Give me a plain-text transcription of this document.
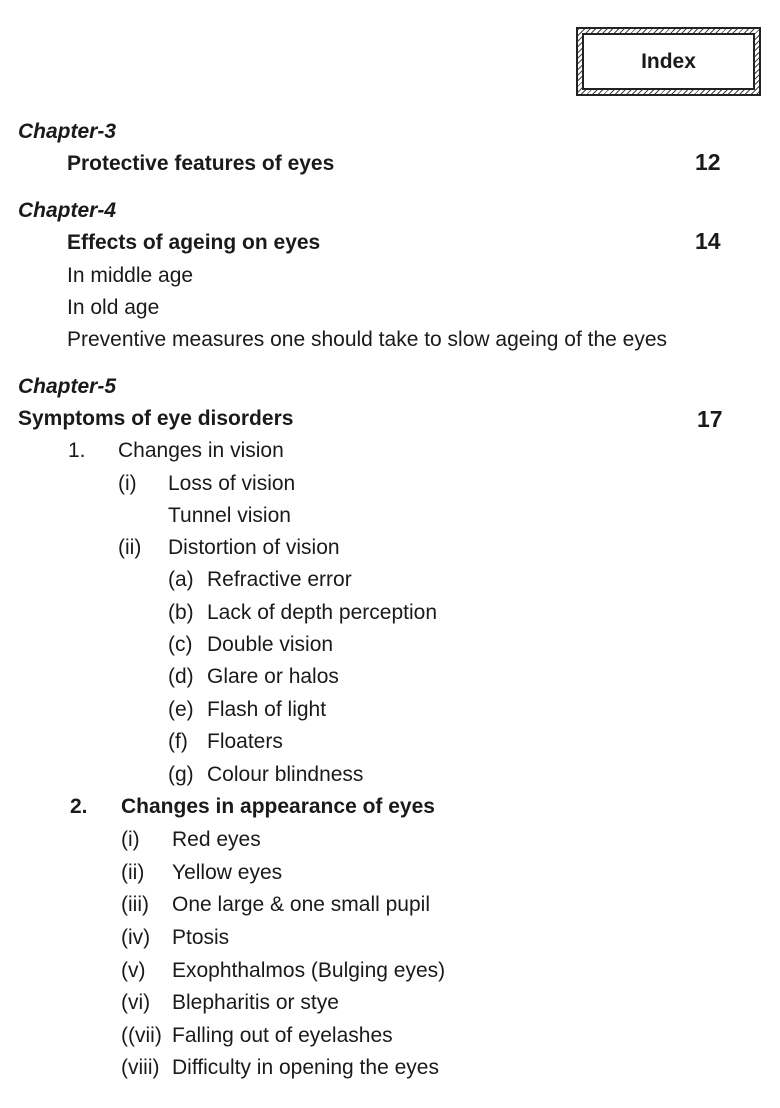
Index
Chapter-3
Protective features of eyes	12
Chapter-4
Effects of ageing on eyes	14
In middle age
In old age
Preventive measures one should take to slow ageing of the eyes
Chapter-5
Symptoms of eye disorders	17
1. Changes in vision
(i) Loss of vision
Tunnel vision
(ii) Distortion of vision
(a) Refractive error
(b) Lack of depth perception
(c) Double vision
(d) Glare or halos
(e) Flash of light
(f) Floaters
(g) Colour blindness
2. Changes in appearance of eyes
(i) Red eyes
(ii) Yellow eyes
(iii) One large & one small pupil
(iv) Ptosis
(v) Exophthalmos (Bulging eyes)
(vi) Blepharitis or stye
((vii) Falling out of eyelashes
(viii) Difficulty in opening the eyes
